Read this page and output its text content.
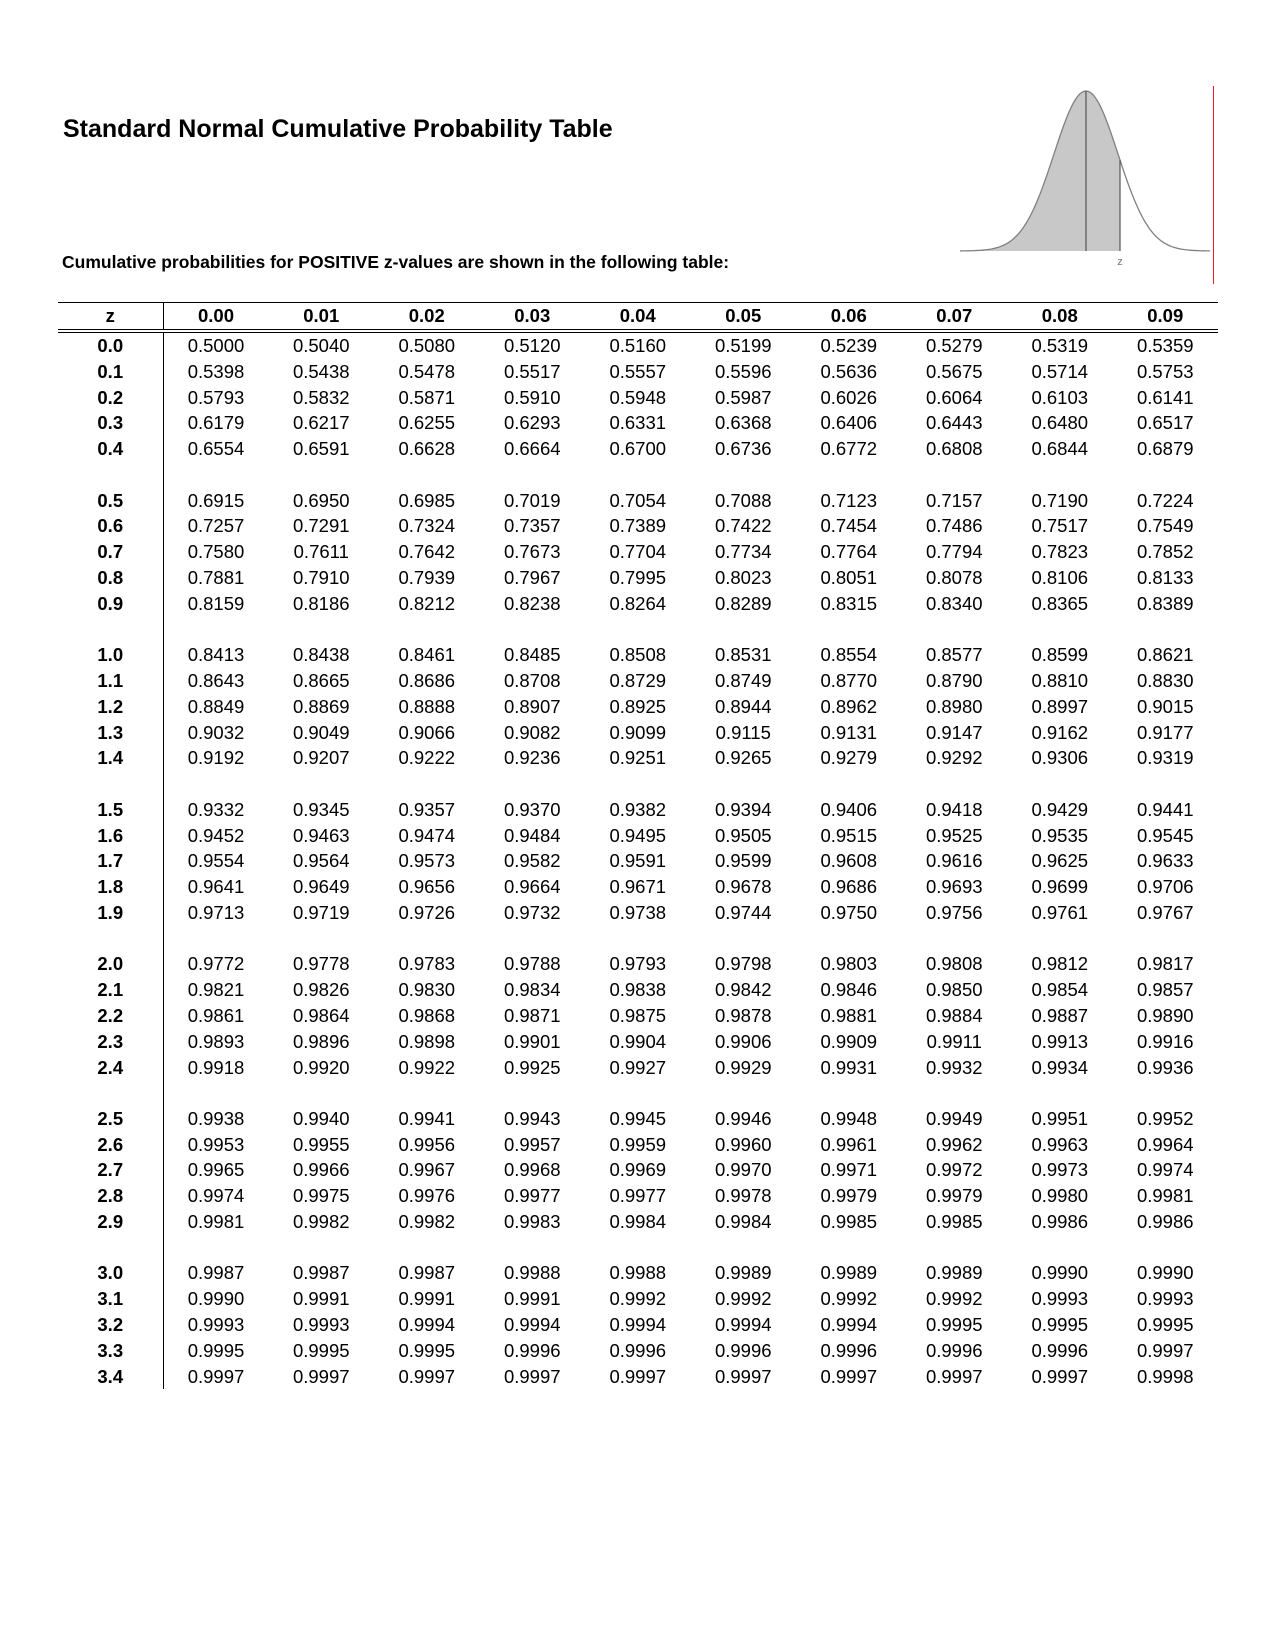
Standard Normal Cumulative Probability Table

Cumulative probabilities for POSITIVE z-values are shown in the following table:	z
z	0.00	0.01	0.02	0.03	0.04	0.05	0.06	0.07	0.08	0.09
0.0	0.5000	0.5040	0.5080	0.5120	0.5160	0.5199	0.5239	0.5279	0.5319	0.5359
0.1	0.5398	0.5438	0.5478	0.5517	0.5557	0.5596	0.5636	0.5675	0.5714	0.5753
0.2	0.5793	0.5832	0.5871	0.5910	0.5948	0.5987	0.6026	0.6064	0.6103	0.6141
0.3	0.6179	0.6217	0.6255	0.6293	0.6331	0.6368	0.6406	0.6443	0.6480	0.6517
0.4	0.6554	0.6591	0.6628	0.6664	0.6700	0.6736	0.6772	0.6808	0.6844	0.6879

0.5	0.6915	0.6950	0.6985	0.7019	0.7054	0.7088	0.7123	0.7157	0.7190	0.7224
0.6	0.7257	0.7291	0.7324	0.7357	0.7389	0.7422	0.7454	0.7486	0.7517	0.7549
0.7	0.7580	0.7611	0.7642	0.7673	0.7704	0.7734	0.7764	0.7794	0.7823	0.7852
0.8	0.7881	0.7910	0.7939	0.7967	0.7995	0.8023	0.8051	0.8078	0.8106	0.8133
0.9	0.8159	0.8186	0.8212	0.8238	0.8264	0.8289	0.8315	0.8340	0.8365	0.8389

1.0	0.8413	0.8438	0.8461	0.8485	0.8508	0.8531	0.8554	0.8577	0.8599	0.8621
1.1	0.8643	0.8665	0.8686	0.8708	0.8729	0.8749	0.8770	0.8790	0.8810	0.8830
1.2	0.8849	0.8869	0.8888	0.8907	0.8925	0.8944	0.8962	0.8980	0.8997	0.9015
1.3	0.9032	0.9049	0.9066	0.9082	0.9099	0.9115	0.9131	0.9147	0.9162	0.9177
1.4	0.9192	0.9207	0.9222	0.9236	0.9251	0.9265	0.9279	0.9292	0.9306	0.9319

1.5	0.9332	0.9345	0.9357	0.9370	0.9382	0.9394	0.9406	0.9418	0.9429	0.9441
1.6	0.9452	0.9463	0.9474	0.9484	0.9495	0.9505	0.9515	0.9525	0.9535	0.9545
1.7	0.9554	0.9564	0.9573	0.9582	0.9591	0.9599	0.9608	0.9616	0.9625	0.9633
1.8	0.9641	0.9649	0.9656	0.9664	0.9671	0.9678	0.9686	0.9693	0.9699	0.9706
1.9	0.9713	0.9719	0.9726	0.9732	0.9738	0.9744	0.9750	0.9756	0.9761	0.9767

2.0	0.9772	0.9778	0.9783	0.9788	0.9793	0.9798	0.9803	0.9808	0.9812	0.9817
2.1	0.9821	0.9826	0.9830	0.9834	0.9838	0.9842	0.9846	0.9850	0.9854	0.9857
2.2	0.9861	0.9864	0.9868	0.9871	0.9875	0.9878	0.9881	0.9884	0.9887	0.9890
2.3	0.9893	0.9896	0.9898	0.9901	0.9904	0.9906	0.9909	0.9911	0.9913	0.9916
2.4	0.9918	0.9920	0.9922	0.9925	0.9927	0.9929	0.9931	0.9932	0.9934	0.9936

2.5	0.9938	0.9940	0.9941	0.9943	0.9945	0.9946	0.9948	0.9949	0.9951	0.9952
2.6	0.9953	0.9955	0.9956	0.9957	0.9959	0.9960	0.9961	0.9962	0.9963	0.9964
2.7	0.9965	0.9966	0.9967	0.9968	0.9969	0.9970	0.9971	0.9972	0.9973	0.9974
2.8	0.9974	0.9975	0.9976	0.9977	0.9977	0.9978	0.9979	0.9979	0.9980	0.9981
2.9	0.9981	0.9982	0.9982	0.9983	0.9984	0.9984	0.9985	0.9985	0.9986	0.9986

3.0	0.9987	0.9987	0.9987	0.9988	0.9988	0.9989	0.9989	0.9989	0.9990	0.9990
3.1	0.9990	0.9991	0.9991	0.9991	0.9992	0.9992	0.9992	0.9992	0.9993	0.9993
3.2	0.9993	0.9993	0.9994	0.9994	0.9994	0.9994	0.9994	0.9995	0.9995	0.9995
3.3	0.9995	0.9995	0.9995	0.9996	0.9996	0.9996	0.9996	0.9996	0.9996	0.9997
3.4	0.9997	0.9997	0.9997	0.9997	0.9997	0.9997	0.9997	0.9997	0.9997	0.9998
